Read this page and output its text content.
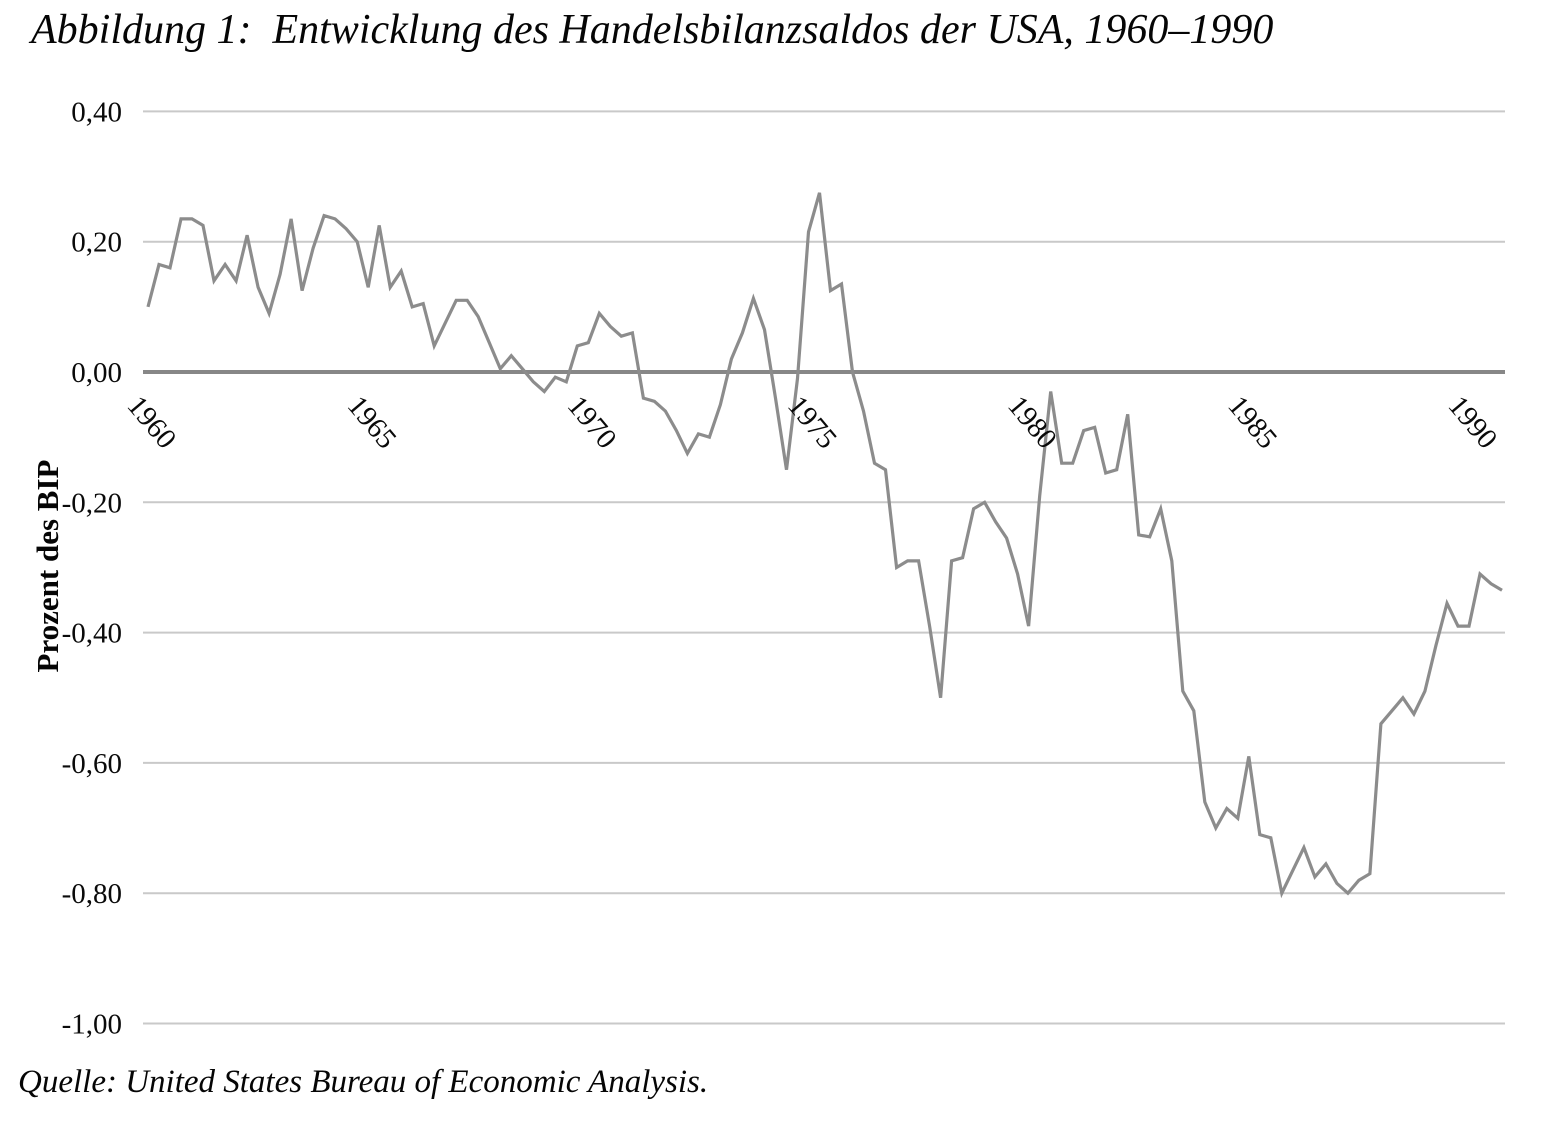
Abbildung 1:  Entwicklung des Handelsbilanzsaldos der USA, 1960–1990
0,40
0,20
0,00
-0,20
-0,40
-0,60
-0,80
-1,00
1960	1965	1970	1975	1980	1985	1990
Prozent des BIP
Quelle: United States Bureau of Economic Analysis.
